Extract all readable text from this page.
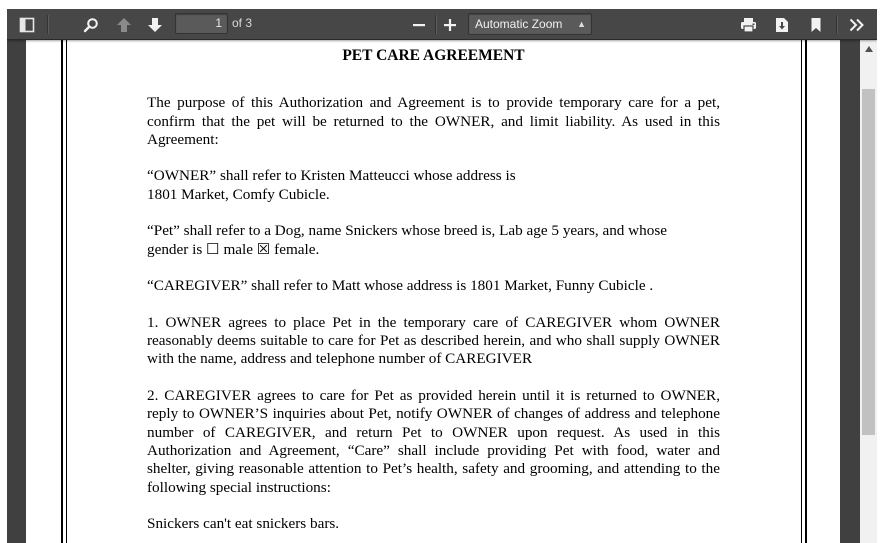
1 of 3	Automatic Zoom ▲︎
PET CARE AGREEMENT

The purpose of this Authorization and Agreement is to provide temporary care for a pet, confirm that the pet will be returned to the OWNER, and limit liability. As used in this Agreement:

“OWNER” shall refer to Kristen Matteucci whose address is
1801 Market, Comfy Cubicle.

“Pet” shall refer to a Dog, name Snickers whose breed is, Lab age 5 years, and whose
gender is ☐ male ☒ female.

“CAREGIVER” shall refer to Matt whose address is 1801 Market, Funny Cubicle .

1. OWNER agrees to place Pet in the temporary care of CAREGIVER whom OWNER reasonably deems suitable to care for Pet as described herein, and who shall supply OWNER with the name, address and telephone number of CAREGIVER

2. CAREGIVER agrees to care for Pet as provided herein until it is returned to OWNER, reply to OWNER’S inquiries about Pet, notify OWNER of changes of address and telephone number of CAREGIVER, and return Pet to OWNER upon request. As used in this Authorization and Agreement, “Care” shall include providing Pet with food, water and shelter, giving reasonable attention to Pet’s health, safety and grooming, and attending to the following special instructions:

Snickers can't eat snickers bars.
